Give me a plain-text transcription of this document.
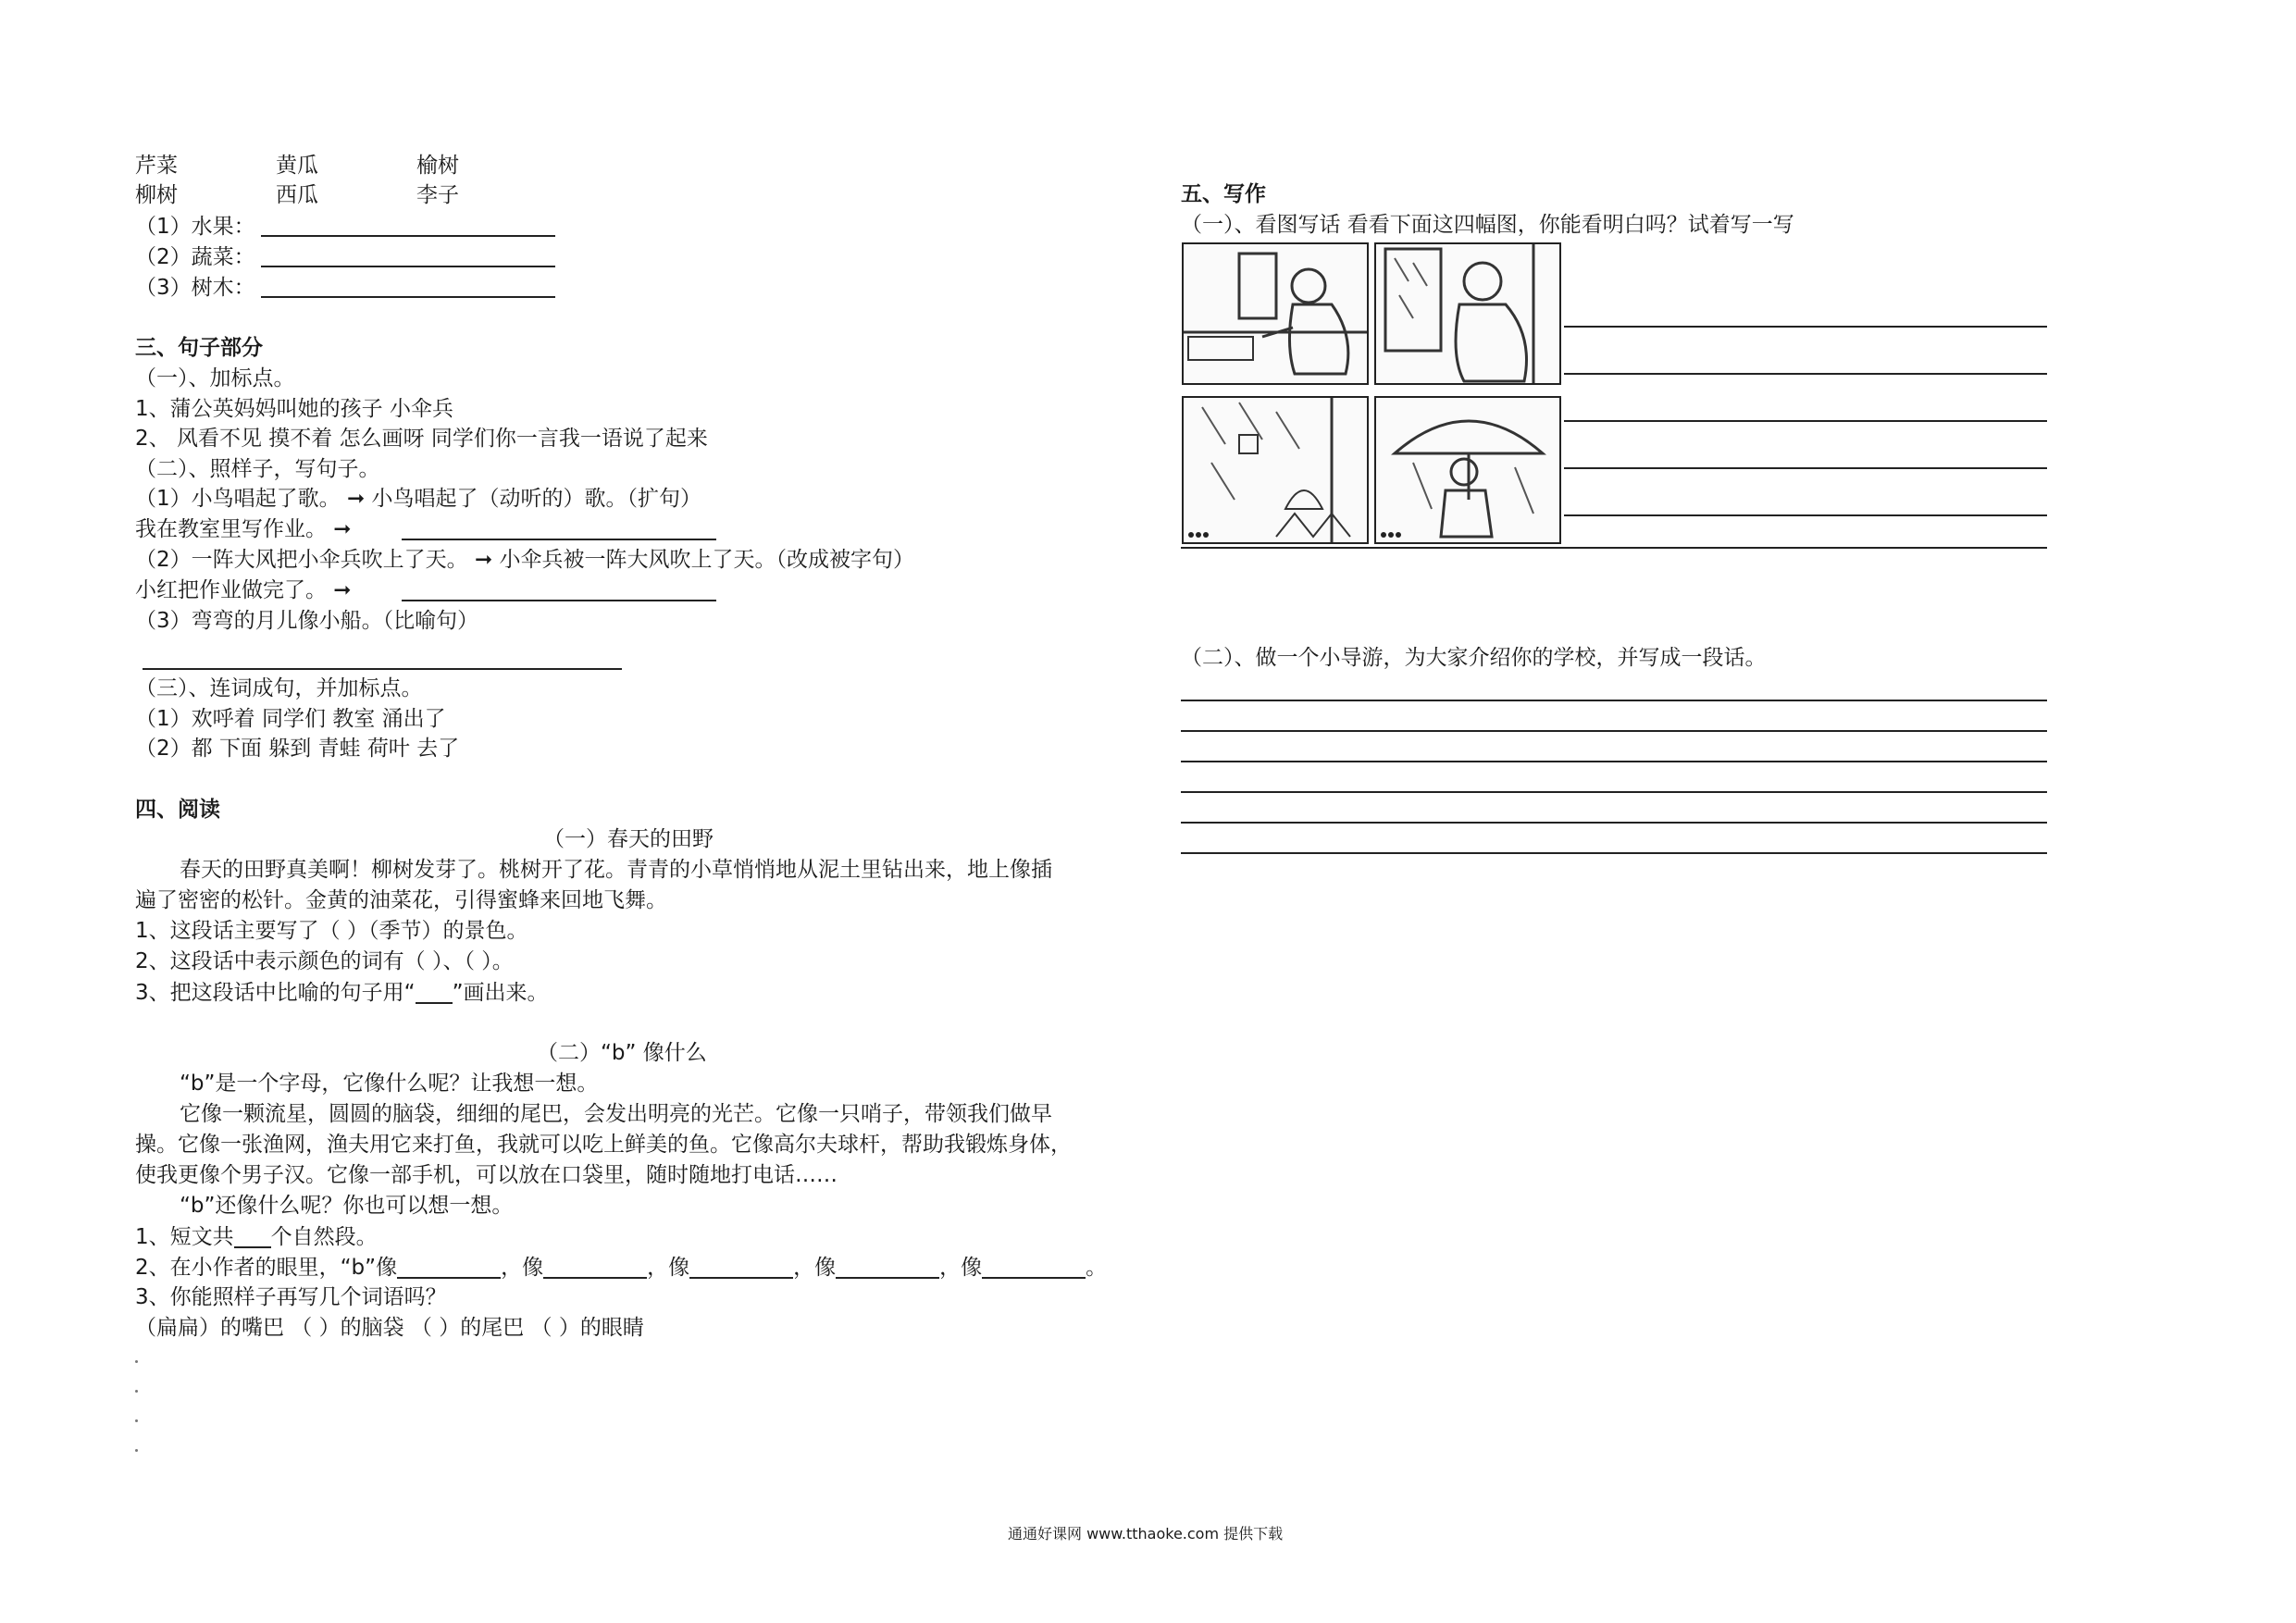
芹菜	黄瓜	榆树
柳树	西瓜	李子
（1）水果：
（2）蔬菜：
（3）树木：
三、句子部分
（一）、加标点。
1、蒲公英妈妈叫她的孩子 小伞兵
2、 风看不见 摸不着 怎么画呀 同学们你一言我一语说了起来
（二）、照样子，写句子。
（1）小鸟唱起了歌。 ➞ 小鸟唱起了（动听的）歌。（扩句）
我在教室里写作业。 ➞
（2）一阵大风把小伞兵吹上了天。 ➞ 小伞兵被一阵大风吹上了天。（改成被字句）
小红把作业做完了。 ➞
（3）弯弯的月儿像小船。（比喻句）
（三）、连词成句，并加标点。
（1）欢呼着 同学们 教室 涌出了
（2）都 下面 躲到 青蛙 荷叶 去了
四、阅读
（一）春天的田野
春天的田野真美啊！柳树发芽了。桃树开了花。青青的小草悄悄地从泥土里钻出来，地上像插
遍了密密的松针。金黄的油菜花，引得蜜蜂来回地飞舞。
1、这段话主要写了（ ）（季节）的景色。
2、这段话中表示颜色的词有（ ）、（ ）。
3、把这段话中比喻的句子用“ ”画出来。
（二）“b” 像什么
“b”是一个字母，它像什么呢？让我想一想。
它像一颗流星，圆圆的脑袋，细细的尾巴，会发出明亮的光芒。它像一只哨子，带领我们做早
操。它像一张渔网，渔夫用它来打鱼，我就可以吃上鲜美的鱼。它像高尔夫球杆，帮助我锻炼身体，
使我更像个男子汉。它像一部手机，可以放在口袋里，随时随地打电话……
“b”还像什么呢？你也可以想一想。
1、短文共 个自然段。
2、在小作者的眼里，“b”像	，像	，像	，像	，像	。
3、你能照样子再写几个词语吗？
（扁扁）的嘴巴 （ ）的脑袋 （ ）的尾巴 （ ）的眼睛
五、写作
（一）、看图写话 看看下面这四幅图，你能看明白吗？试着写一写
（二）、做一个小导游，为大家介绍你的学校，并写成一段话。
通通好课网 www.tthaoke.com 提供下载
